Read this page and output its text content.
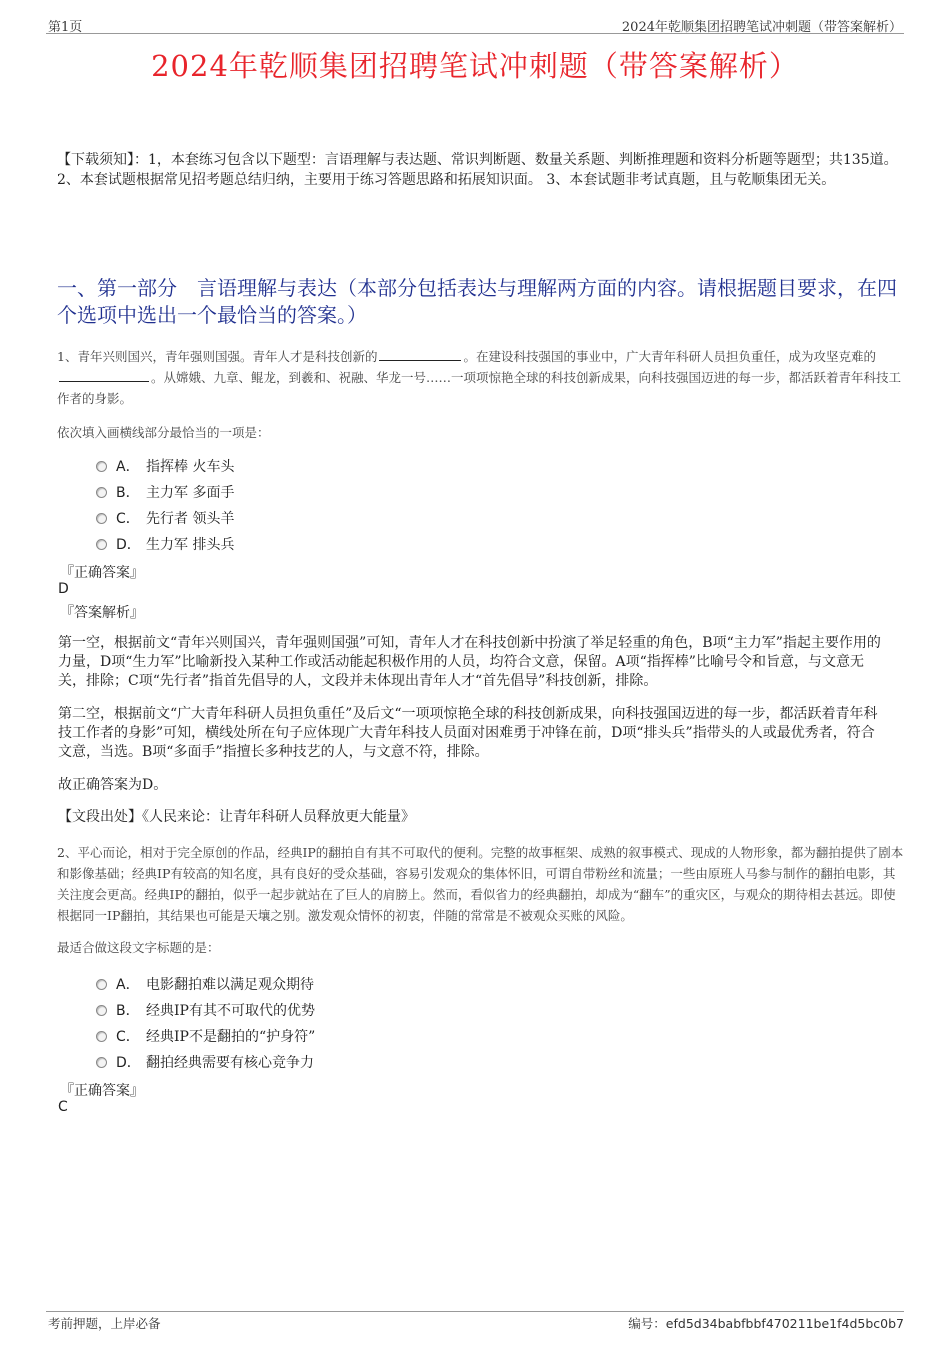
第1页	2024年乾顺集团招聘笔试冲刺题（带答案解析）
2024年乾顺集团招聘笔试冲刺题（带答案解析）
【下载须知】：1，本套练习包含以下题型：言语理解与表达题、常识判断题、数量关系题、判断推理题和资料分析题等题型；共135道。 2、本套试题根据常见招考题总结归纳，主要用于练习答题思路和拓展知识面。 3、本套试题非考试真题，且与乾顺集团无关。
一、第一部分　言语理解与表达（本部分包括表达与理解两方面的内容。请根据题目要求，在四个选项中选出一个最恰当的答案。）
1、青年兴则国兴，青年强则国强。青年人才是科技创新的	。在建设科技强国的事业中，广大青年科研人员担负重任，成为攻坚克难的。从嫦娥、九章、鲲龙，到羲和、祝融、华龙一号……一项项惊艳全球的科技创新成果，向科技强国迈进的每一步，都活跃着青年科技工作者的身影。
依次填入画横线部分最恰当的一项是：
A． 指挥棒 火车头
B． 主力军 多面手
C． 先行者 领头羊
D． 生力军 排头兵
『正确答案』
D
『答案解析』
第一空，根据前文“青年兴则国兴，青年强则国强”可知，青年人才在科技创新中扮演了举足轻重的角色，B项“主力军”指起主要作用的力量，D项“生力军”比喻新投入某种工作或活动能起积极作用的人员，均符合文意，保留。A项“指挥棒”比喻号令和旨意，与文意无关，排除；C项“先行者”指首先倡导的人，文段并未体现出青年人才“首先倡导”科技创新，排除。
第二空，根据前文“广大青年科研人员担负重任”及后文“一项项惊艳全球的科技创新成果，向科技强国迈进的每一步，都活跃着青年科技工作者的身影”可知，横线处所在句子应体现广大青年科技人员面对困难勇于冲锋在前，D项“排头兵”指带头的人或最优秀者，符合文意，当选。B项“多面手”指擅长多种技艺的人，与文意不符，排除。
故正确答案为D。
【文段出处】《人民来论：让青年科研人员释放更大能量》
2、平心而论，相对于完全原创的作品，经典IP的翻拍自有其不可取代的便利。完整的故事框架、成熟的叙事模式、现成的人物形象，都为翻拍提供了剧本和影像基础；经典IP有较高的知名度，具有良好的受众基础，容易引发观众的集体怀旧，可谓自带粉丝和流量；一些由原班人马参与制作的翻拍电影，其关注度会更高。经典IP的翻拍，似乎一起步就站在了巨人的肩膀上。然而，看似省力的经典翻拍，却成为“翻车”的重灾区，与观众的期待相去甚远。即使根据同一IP翻拍，其结果也可能是天壤之别。激发观众情怀的初衷，伴随的常常是不被观众买账的风险。
最适合做这段文字标题的是：
A． 电影翻拍难以满足观众期待
B． 经典IP有其不可取代的优势
C． 经典IP不是翻拍的“护身符”
D． 翻拍经典需要有核心竞争力
『正确答案』
C
考前押题，上岸必备	编号：efd5d34babfbbf470211be1f4d5bc0b7
